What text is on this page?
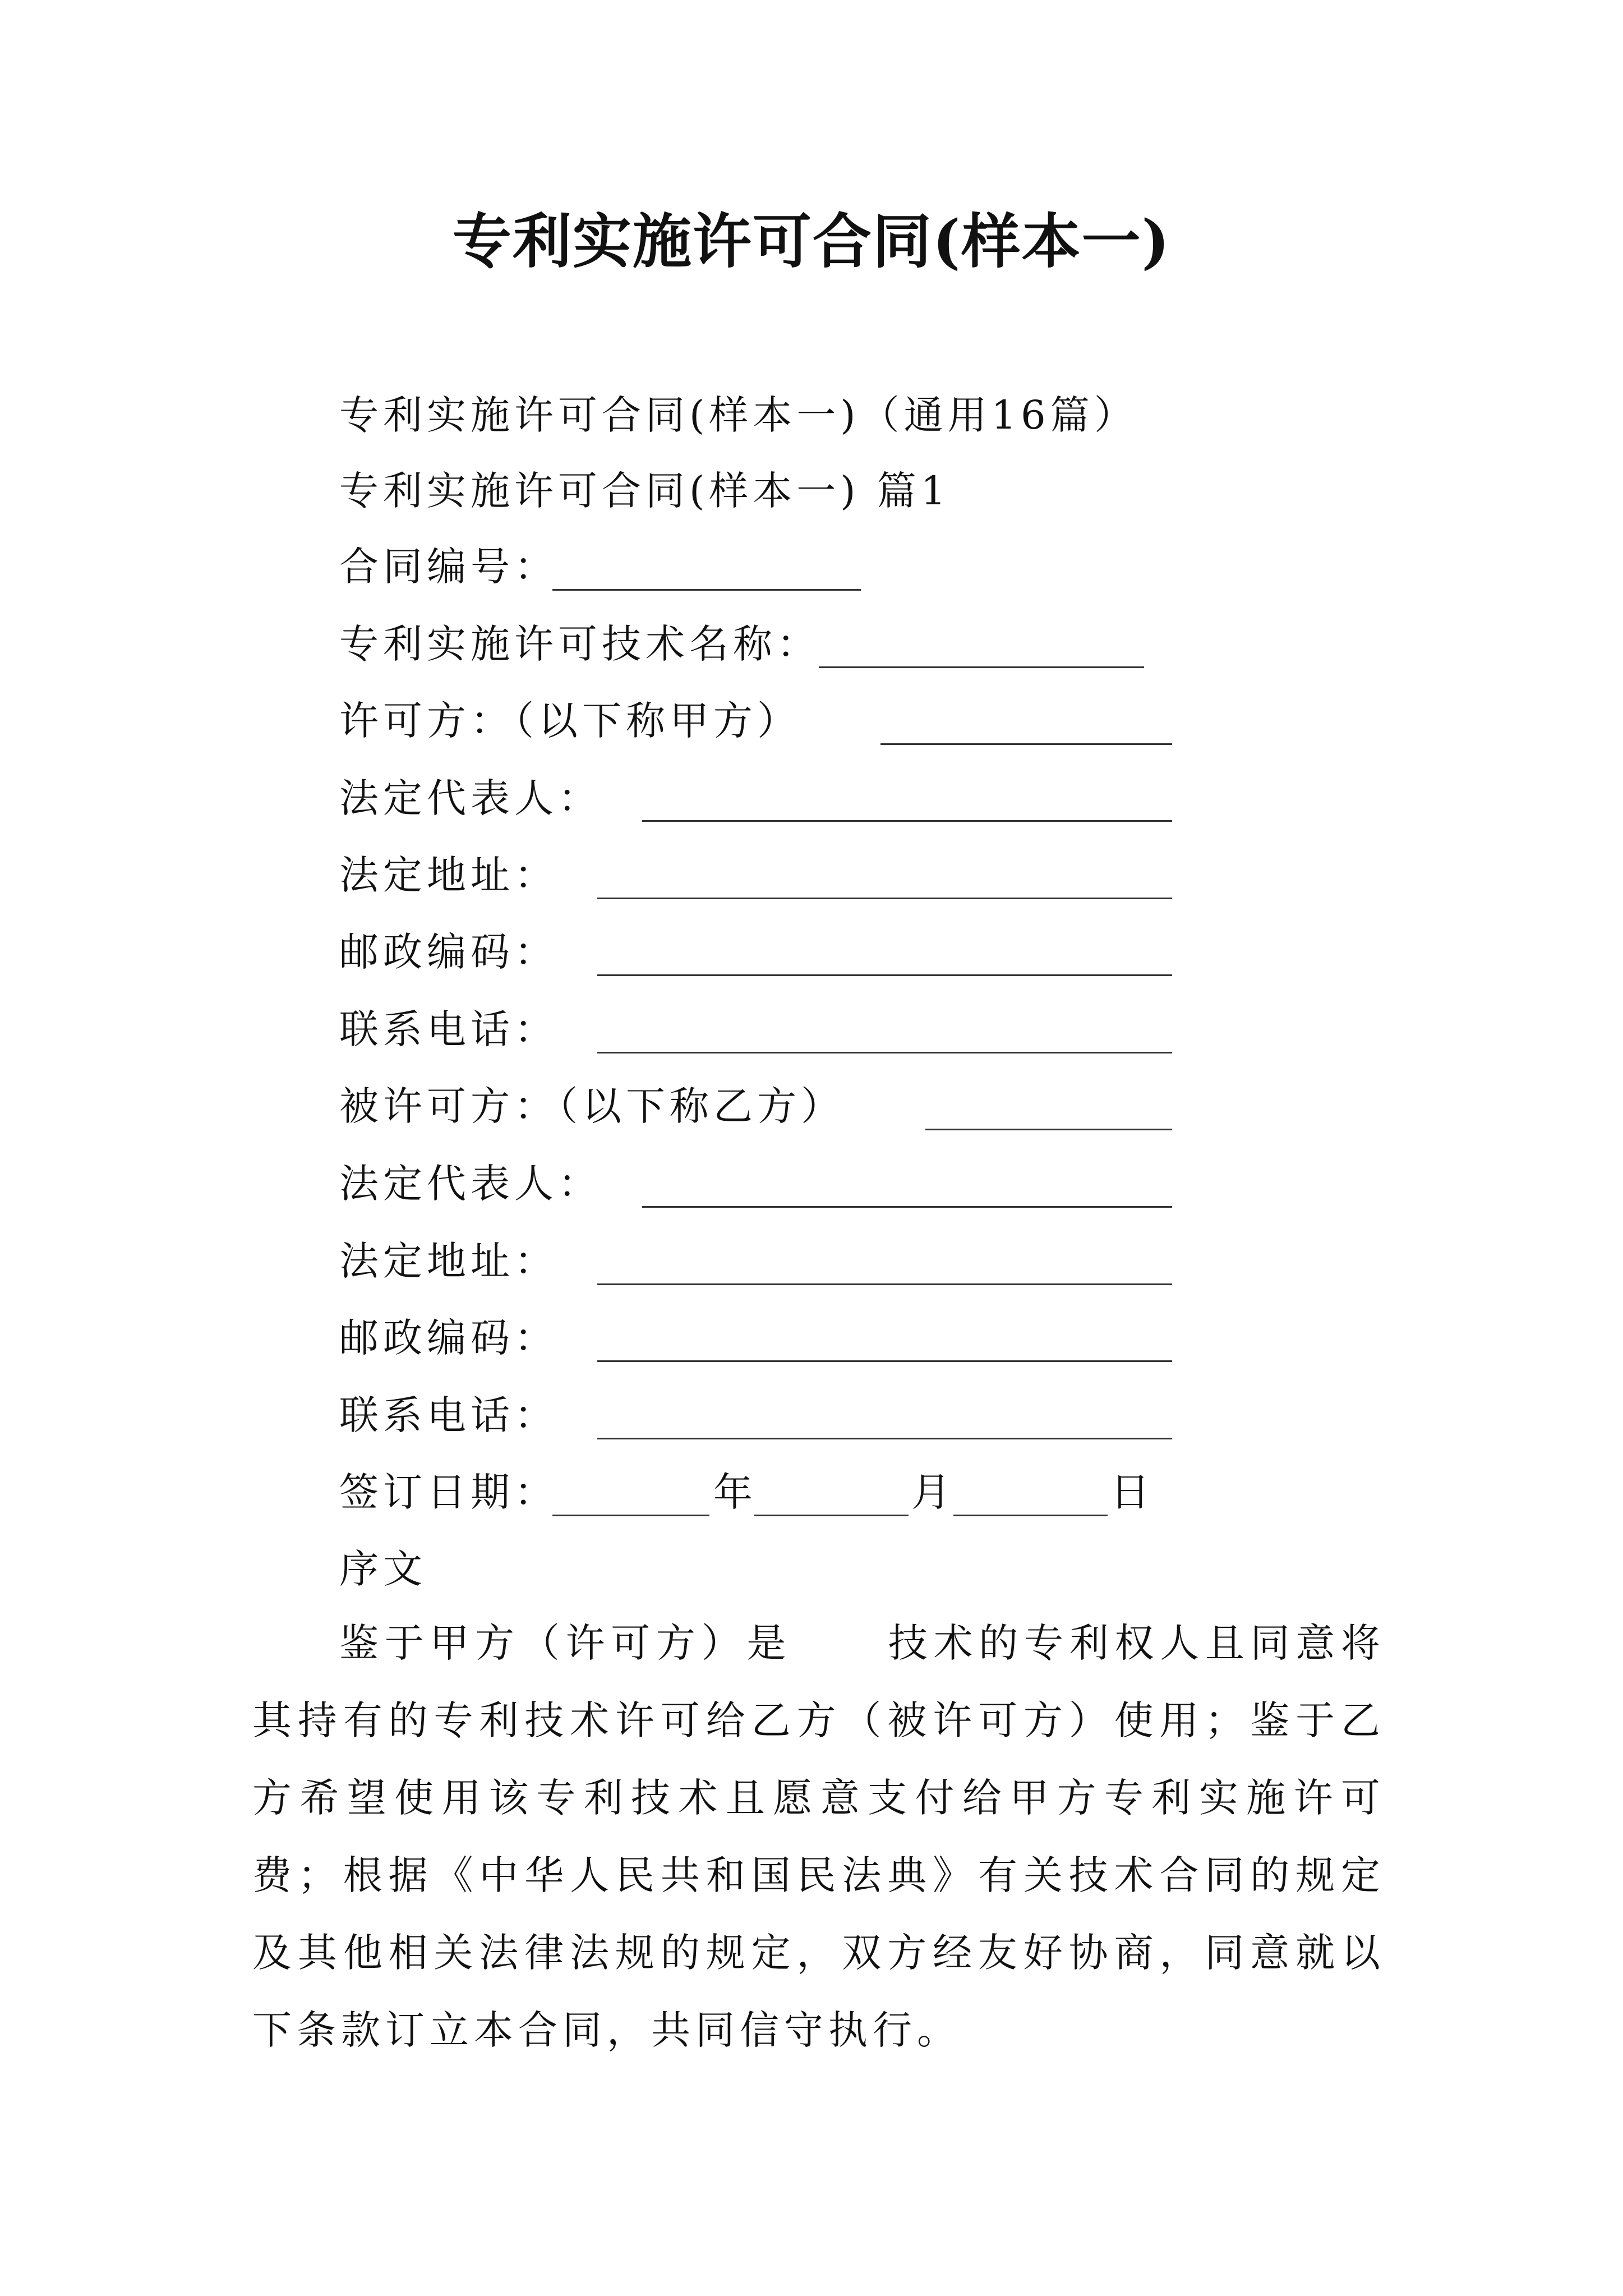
专利实施许可合同(样本一)
专利实施许可合同(样本一)（通用16篇）
专利实施许可合同(样本一) 篇1
合同编号：
专利实施许可技术名称：
许可方：（以下称甲方）
法定代表人：
法定地址：
邮政编码：
联系电话：
被许可方：（以下称乙方）
法定代表人：
法定地址：
邮政编码：
联系电话：
签订日期：	年	月	日
序文
鉴于甲方（许可方）是 技术的专利权人且同意将其持有的专利技术许可给乙方（被许可方）使用；鉴于乙方希望使用该专利技术且愿意支付给甲方专利实施许可费；根据《中华人民共和国民法典》有关技术合同的规定及其他相关法律法规的规定，双方经友好协商，同意就以下条款订立本合同，共同信守执行。
